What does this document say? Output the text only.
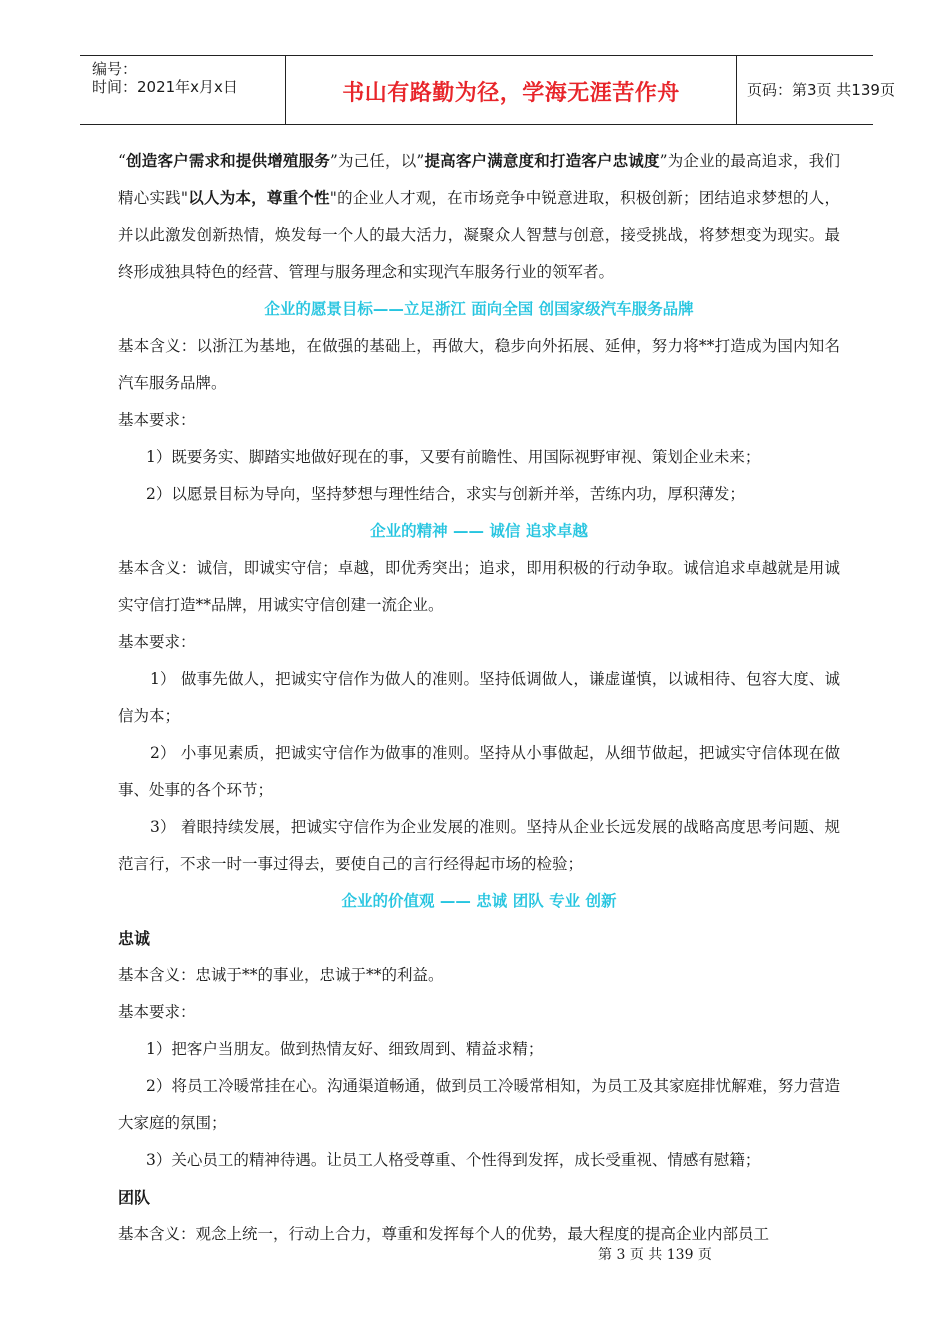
编号：
时间：2021年x月x日	书山有路勤为径，学海无涯苦作舟	页码：第3页 共139页

“创造客户需求和提供增殖服务”为己任，以”提高客户满意度和打造客户忠诚度”为企业的最高追求，我们精心实践"以人为本，尊重个性"的企业人才观，在市场竞争中锐意进取，积极创新；团结追求梦想的人，并以此激发创新热情，焕发每一个人的最大活力，凝聚众人智慧与创意，接受挑战，将梦想变为现实。最终形成独具特色的经营、管理与服务理念和实现汽车服务行业的领军者。

企业的愿景目标——立足浙江 面向全国 创国家级汽车服务品牌

基本含义：以浙江为基地，在做强的基础上，再做大，稳步向外拓展、延伸，努力将**打造成为国内知名汽车服务品牌。

基本要求：

1）既要务实、脚踏实地做好现在的事，又要有前瞻性、用国际视野审视、策划企业未来；

2）以愿景目标为导向，坚持梦想与理性结合，求实与创新并举，苦练内功，厚积薄发；

企业的精神 —— 诚信 追求卓越

基本含义：诚信，即诚实守信；卓越，即优秀突出；追求，即用积极的行动争取。诚信追求卓越就是用诚实守信打造**品牌，用诚实守信创建一流企业。

基本要求：

1） 做事先做人，把诚实守信作为做人的准则。坚持低调做人，谦虚谨慎，以诚相待、包容大度、诚信为本；

2） 小事见素质，把诚实守信作为做事的准则。坚持从小事做起，从细节做起，把诚实守信体现在做事、处事的各个环节；

3） 着眼持续发展，把诚实守信作为企业发展的准则。坚持从企业长远发展的战略高度思考问题、规范言行，不求一时一事过得去，要使自己的言行经得起市场的检验；

企业的价值观 —— 忠诚 团队 专业 创新

忠诚

基本含义：忠诚于**的事业，忠诚于**的利益。

基本要求：

1）把客户当朋友。做到热情友好、细致周到、精益求精；

2）将员工冷暖常挂在心。沟通渠道畅通，做到员工冷暖常相知，为员工及其家庭排忧解难，努力营造大家庭的氛围；

3）关心员工的精神待遇。让员工人格受尊重、个性得到发挥，成长受重视、情感有慰籍；

团队

基本含义：观念上统一，行动上合力，尊重和发挥每个人的优势，最大程度的提高企业内部员工

第 3 页 共 139 页
